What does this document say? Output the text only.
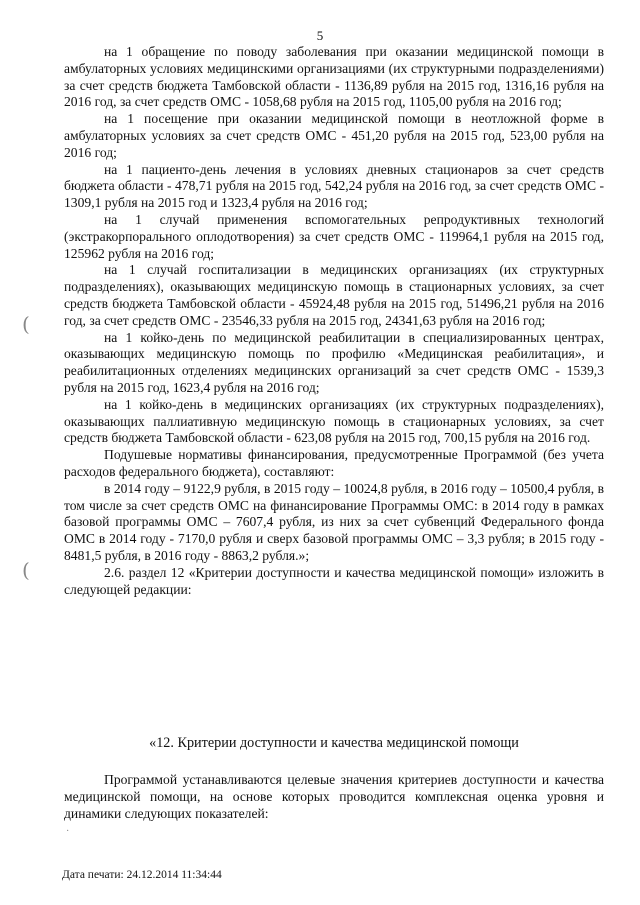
5
(
(

на 1 обращение по поводу заболевания при оказании медицинской помощи в амбулаторных условиях медицинскими организациями (их структурными подразделениями) за счет средств бюджета Тамбовской области - 1136,89 рубля на 2015 год, 1316,16 рубля на 2016 год, за счет средств ОМС - 1058,68 рубля на 2015 год, 1105,00 рубля на 2016 год;

на 1 посещение при оказании медицинской помощи в неотложной форме в амбулаторных условиях за счет средств ОМС - 451,20 рубля на 2015 год, 523,00 рубля на 2016 год;

на 1 пациенто-день лечения в условиях дневных стационаров за счет средств бюджета области - 478,71 рубля на 2015 год, 542,24 рубля на 2016 год, за счет средств ОМС - 1309,1 рубля на 2015 год и 1323,4 рубля на 2016 год;

на 1 случай применения вспомогательных репродуктивных технологий (экстракорпорального оплодотворения) за счет средств ОМС - 119964,1 рубля на 2015 год, 125962 рубля на 2016 год;

на 1 случай госпитализации в медицинских организациях (их структурных подразделениях), оказывающих медицинскую помощь в стационарных условиях, за счет средств бюджета Тамбовской области - 45924,48 рубля на 2015 год, 51496,21 рубля на 2016 год, за счет средств ОМС - 23546,33 рубля на 2015 год, 24341,63 рубля на 2016 год;

на 1 койко-день по медицинской реабилитации в специализированных центрах, оказывающих медицинскую помощь по профилю «Медицинская реабилитация», и реабилитационных отделениях медицинских организаций за счет средств ОМС - 1539,3 рубля на 2015 год, 1623,4 рубля на 2016 год;

на 1 койко-день в медицинских организациях (их структурных подразделениях), оказывающих паллиативную медицинскую помощь в стационарных условиях, за счет средств бюджета Тамбовской области - 623,08 рубля на 2015 год, 700,15 рубля на 2016 год.

Подушевые нормативы финансирования, предусмотренные Программой (без учета расходов федерального бюджета), составляют:

в 2014 году – 9122,9 рубля, в 2015 году – 10024,8 рубля, в 2016 году – 10500,4 рубля, в том числе за счет средств ОМС на финансирование Программы ОМС: в 2014 году в рамках базовой программы ОМС – 7607,4 рубля, из них за счет субвенций Федерального фонда ОМС в 2014 году - 7170,0 рубля и сверх базовой программы ОМС – 3,3 рубля; в 2015 году - 8481,5 рубля, в 2016 году - 8863,2 рубля.»;

2.6. раздел 12 «Критерии доступности и качества медицинской помощи» изложить в следующей редакции:

«12. Критерии доступности и качества медицинской помощи

Программой устанавливаются целевые значения критериев доступности и качества медицинской помощи, на основе которых проводится комплексная оценка уровня и динамики следующих показателей:

·
Дата печати: 24.12.2014 11:34:44
